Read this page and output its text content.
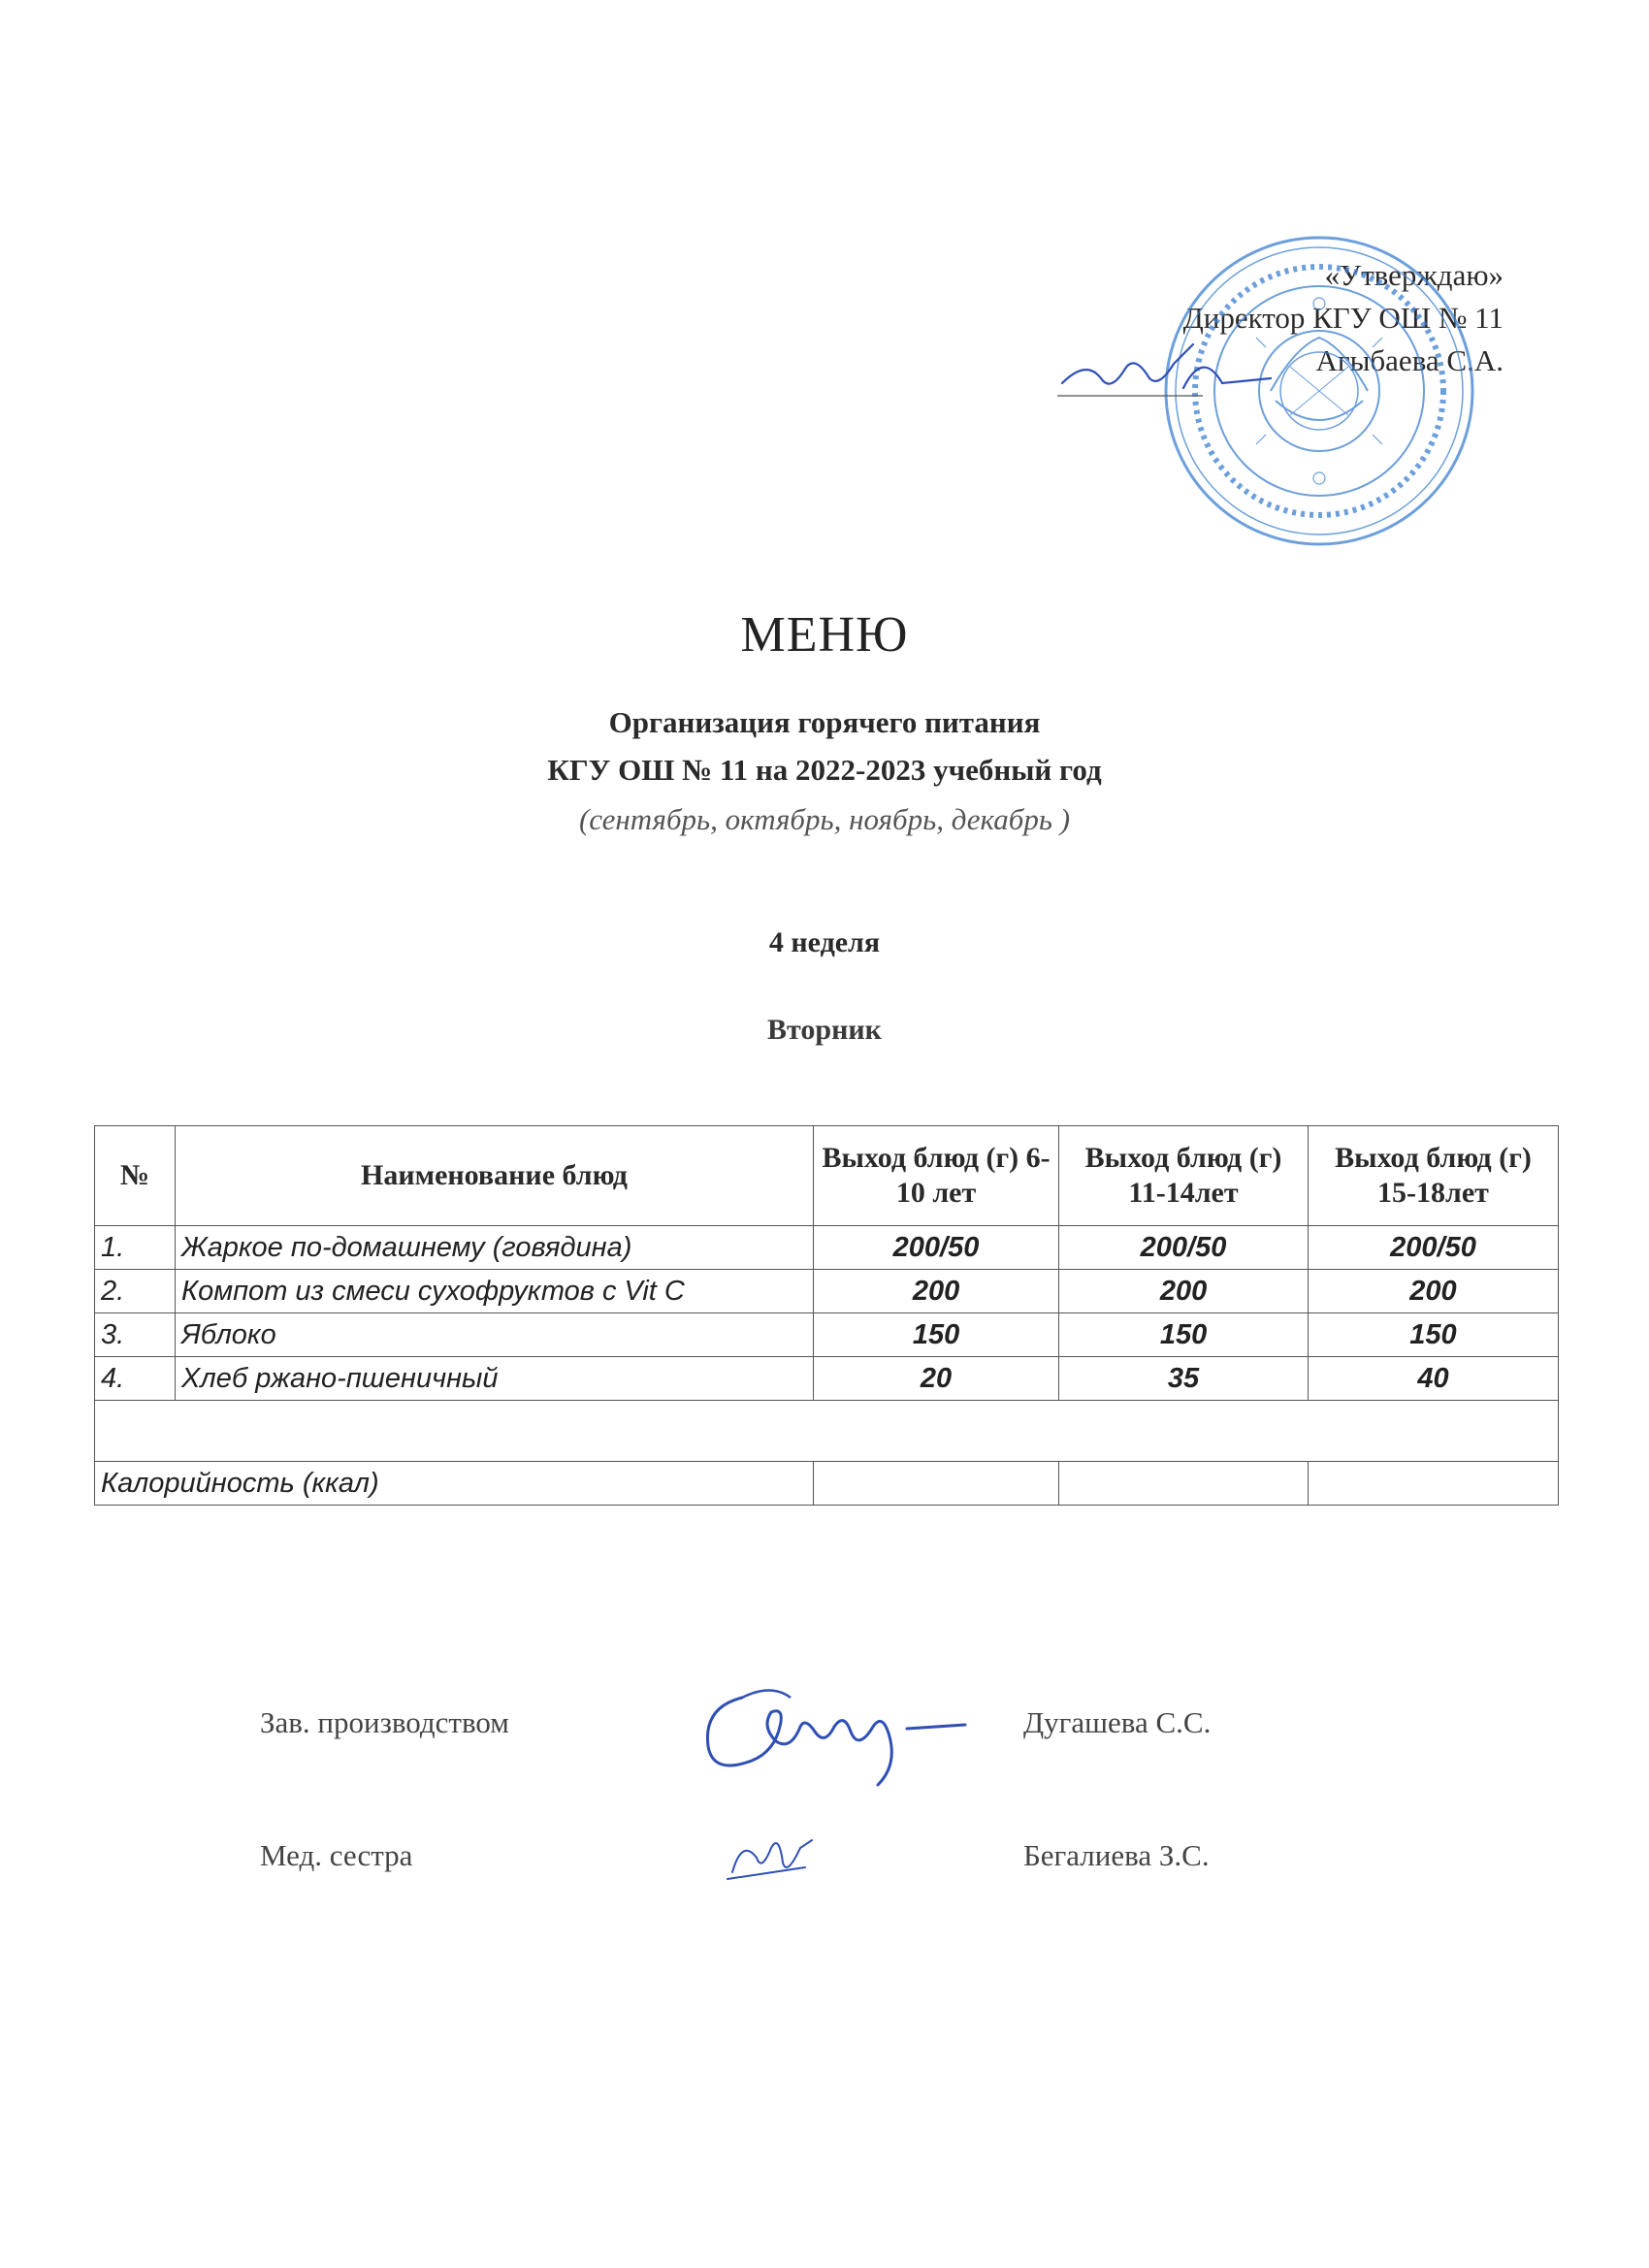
«Утверждаю»
Директор КГУ ОШ № 11
Агыбаева С.А.
МЕНЮ
Организация горячего питания
КГУ ОШ № 11 на 2022-2023 учебный год
(сентябрь, октябрь, ноябрь, декабрь )
4 неделя
Вторник
№	Наименование блюд	Выход блюд (г) 6-10 лет	Выход блюд (г) 11-14лет	Выход блюд (г) 15-18лет
1.	Жаркое по-домашнему (говядина)	200/50	200/50	200/50
2.	Компот из смеси сухофруктов с Vit C	200	200	200
3.	Яблоко	150	150	150
4.	Хлеб ржано-пшеничный	20	35	40

Калорийность (ккал)				
Зав. производством	Дугашева С.С.
Мед. сестра	Бегалиева З.С.
